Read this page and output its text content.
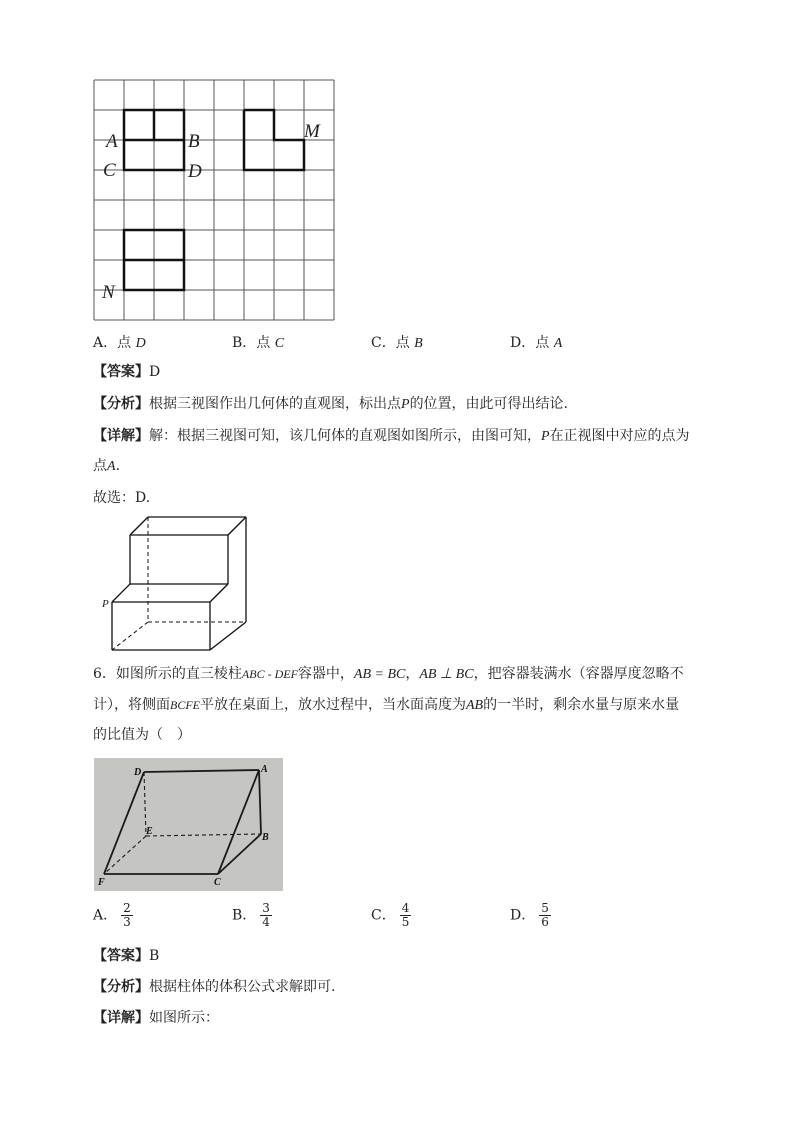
A	B
C	D
M
N
A．点 D	B．点 C	C．点 B	D．点 A
【答案】D
【分析】根据三视图作出几何体的直观图，标出点P的位置，由此可得出结论.
【详解】解：根据三视图可知，该几何体的直观图如图所示，由图可知，P在正视图中对应的点为
点A.
故选：D.
P
6．如图所示的直三棱柱ABC - DEF容器中，AB = BC，AB ⊥ BC，把容器装满水（容器厚度忽略不
计），将侧面BCFE平放在桌面上，放水过程中，当水面高度为AB的一半时，剩余水量与原来水量
的比值为（　）
D	A
E
B
F	C
A． $\frac{2}{3}$	B． $\frac{3}{4}$	C． $\frac{4}{5}$	D． $\frac{5}{6}$
【答案】B
【分析】根据柱体的体积公式求解即可.
【详解】如图所示：
